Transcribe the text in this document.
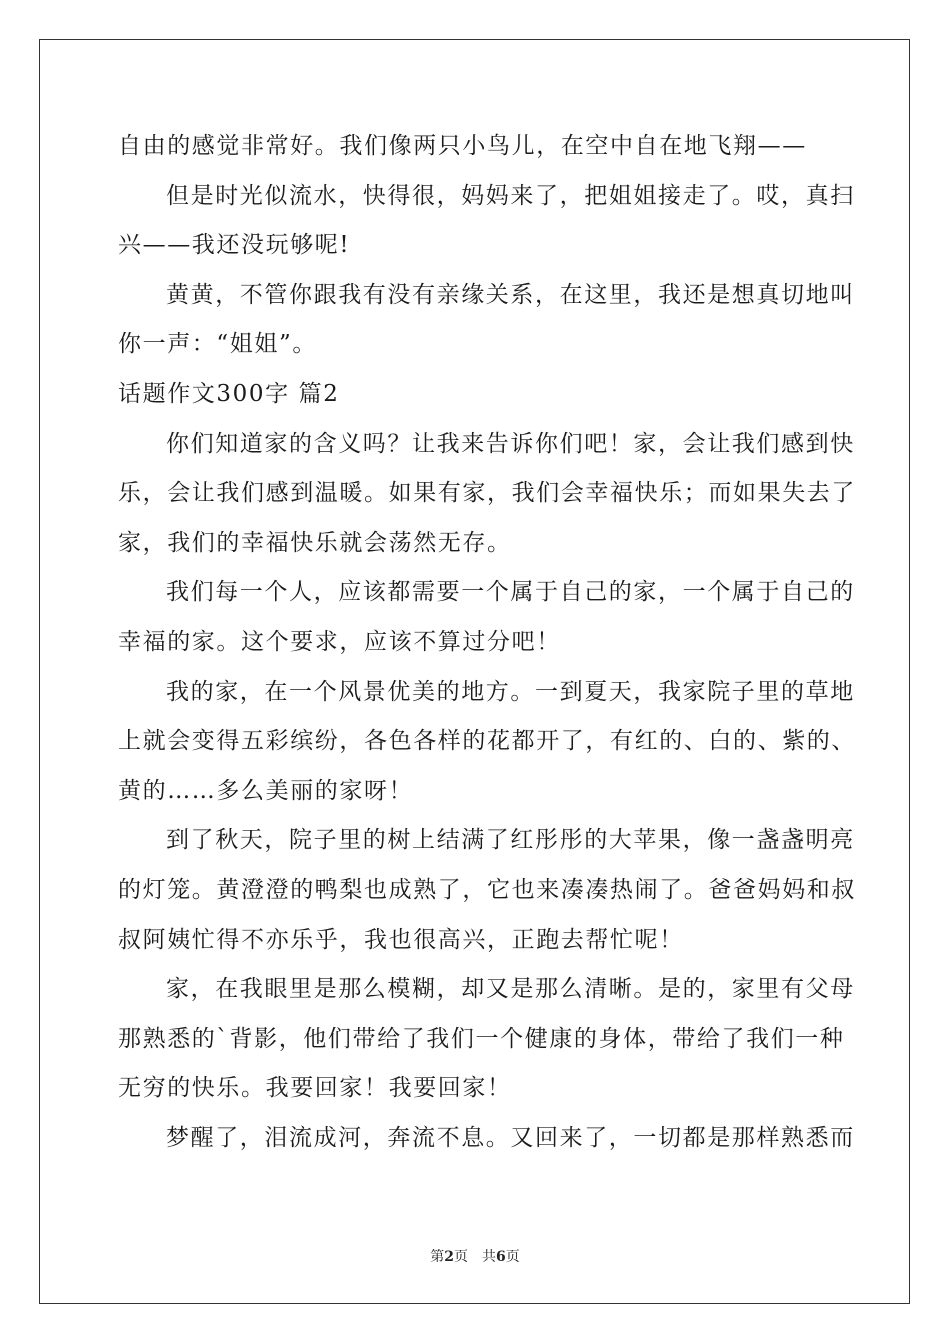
自由的感觉非常好。我们像两只小鸟儿，在空中自在地飞翔——
但是时光似流水，快得很，妈妈来了，把姐姐接走了。哎，真扫
兴——我还没玩够呢!
黄黄，不管你跟我有没有亲缘关系，在这里，我还是想真切地叫
你一声：“姐姐”。
话题作文300字 篇2
你们知道家的含义吗？让我来告诉你们吧！家，会让我们感到快
乐，会让我们感到温暖。如果有家，我们会幸福快乐；而如果失去了
家，我们的幸福快乐就会荡然无存。
我们每一个人，应该都需要一个属于自己的家，一个属于自己的
幸福的家。这个要求，应该不算过分吧！
我的家，在一个风景优美的地方。一到夏天，我家院子里的草地
上就会变得五彩缤纷，各色各样的花都开了，有红的、白的、紫的、
黄的……多么美丽的家呀！
到了秋天，院子里的树上结满了红彤彤的大苹果，像一盏盏明亮
的灯笼。黄澄澄的鸭梨也成熟了，它也来凑凑热闹了。爸爸妈妈和叔
叔阿姨忙得不亦乐乎，我也很高兴，正跑去帮忙呢！
家，在我眼里是那么模糊，却又是那么清晰。是的，家里有父母
那熟悉的`背影，他们带给了我们一个健康的身体，带给了我们一种
无穷的快乐。我要回家！我要回家！
梦醒了，泪流成河，奔流不息。又回来了，一切都是那样熟悉而
第2页 共6页
